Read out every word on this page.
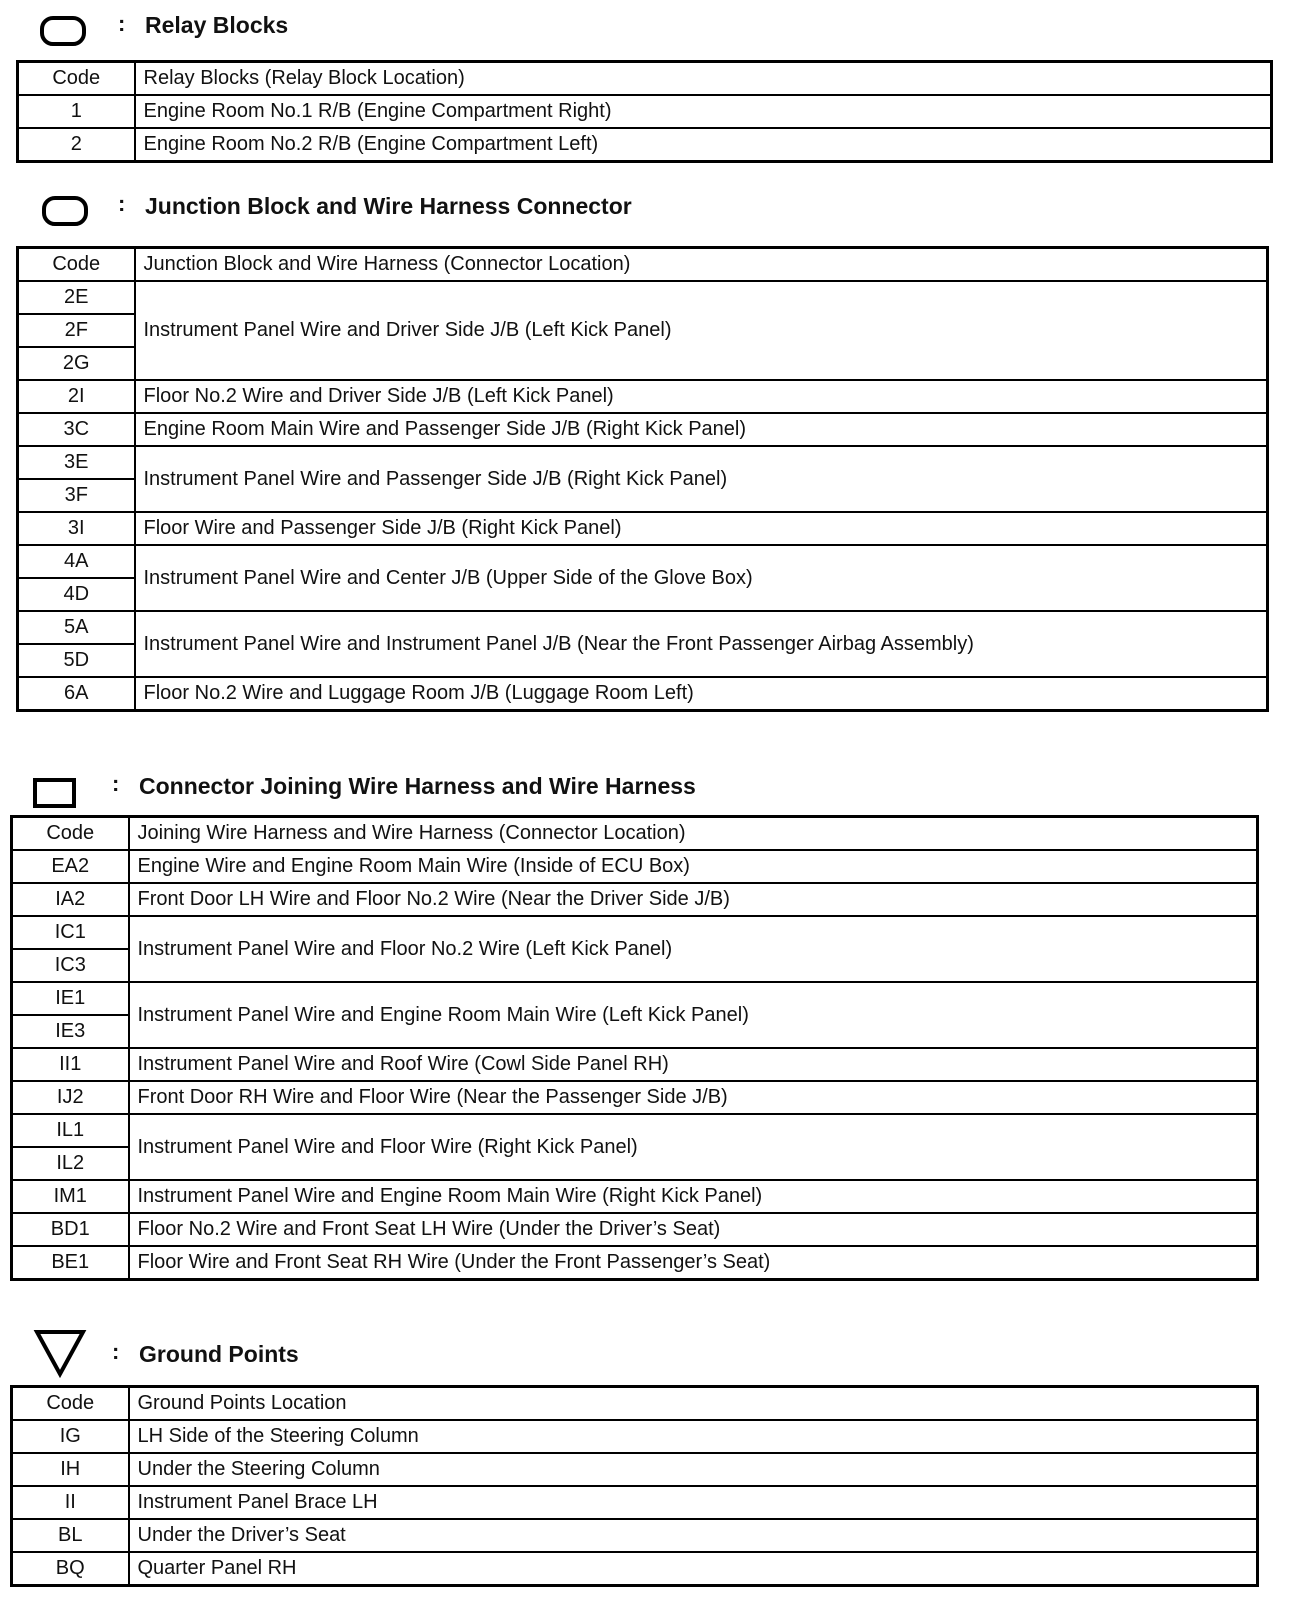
: Relay Blocks
Code	Relay Blocks (Relay Block Location)
1	Engine Room No.1 R/B (Engine Compartment Right)
2	Engine Room No.2 R/B (Engine Compartment Left)
: Junction Block and Wire Harness Connector
Code	Junction Block and Wire Harness (Connector Location)
2E	Instrument Panel Wire and Driver Side J/B (Left Kick Panel)
2F	
2G	
2I	Floor No.2 Wire and Driver Side J/B (Left Kick Panel)
3C	Engine Room Main Wire and Passenger Side J/B (Right Kick Panel)
3E	Instrument Panel Wire and Passenger Side J/B (Right Kick Panel)
3F	
3I	Floor Wire and Passenger Side J/B (Right Kick Panel)
4A	Instrument Panel Wire and Center J/B (Upper Side of the Glove Box)
4D	
5A	Instrument Panel Wire and Instrument Panel J/B (Near the Front Passenger Airbag Assembly)
5D	
6A	Floor No.2 Wire and Luggage Room J/B (Luggage Room Left)
: Connector Joining Wire Harness and Wire Harness
Code	Joining Wire Harness and Wire Harness (Connector Location)
EA2	Engine Wire and Engine Room Main Wire (Inside of ECU Box)
IA2	Front Door LH Wire and Floor No.2 Wire (Near the Driver Side J/B)
IC1	Instrument Panel Wire and Floor No.2 Wire (Left Kick Panel)
IC3	
IE1	Instrument Panel Wire and Engine Room Main Wire (Left Kick Panel)
IE3	
II1	Instrument Panel Wire and Roof Wire (Cowl Side Panel RH)
IJ2	Front Door RH Wire and Floor Wire (Near the Passenger Side J/B)
IL1	Instrument Panel Wire and Floor Wire (Right Kick Panel)
IL2	
IM1	Instrument Panel Wire and Engine Room Main Wire (Right Kick Panel)
BD1	Floor No.2 Wire and Front Seat LH Wire (Under the Driver’s Seat)
BE1	Floor Wire and Front Seat RH Wire (Under the Front Passenger’s Seat)
: Ground Points
Code	Ground Points Location
IG	LH Side of the Steering Column
IH	Under the Steering Column
II	Instrument Panel Brace LH
BL	Under the Driver’s Seat
BQ	Quarter Panel RH
